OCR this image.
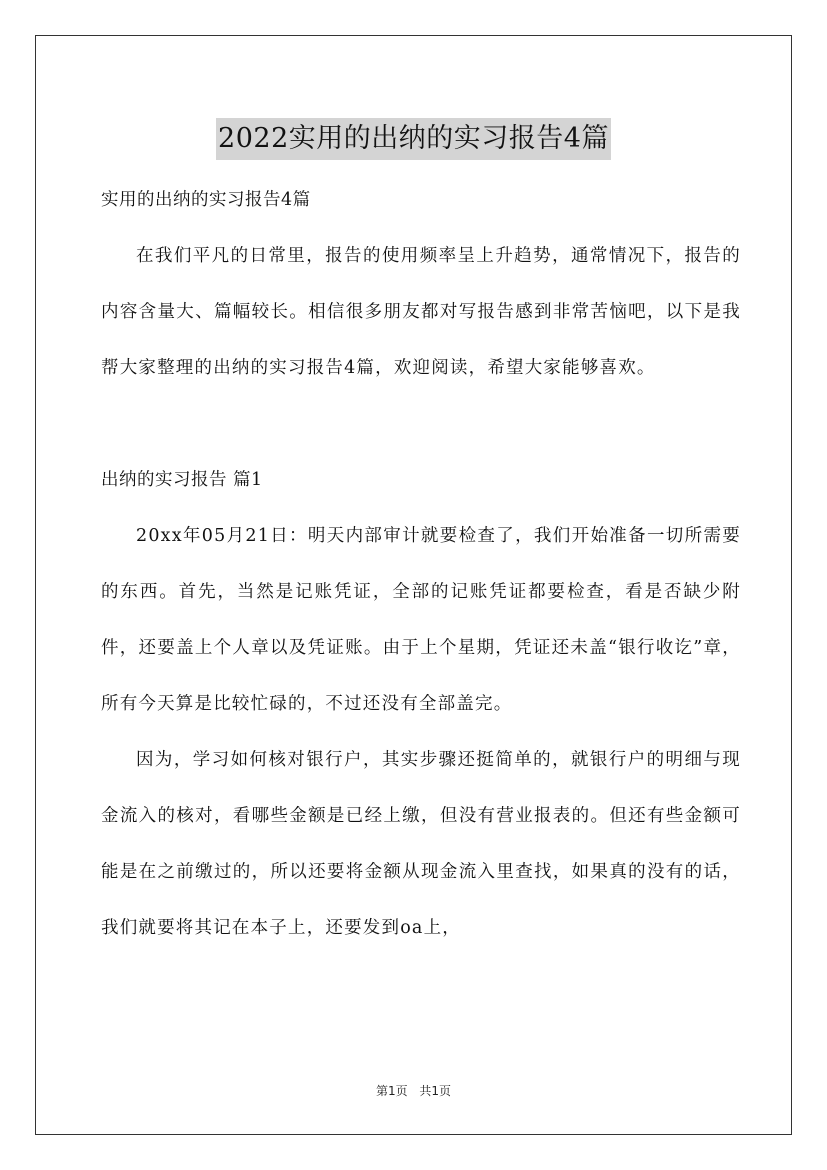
2022实用的出纳的实习报告4篇

实用的出纳的实习报告4篇

在我们平凡的日常里，报告的使用频率呈上升趋势，通常情况下，报告的内容含量大、篇幅较长。相信很多朋友都对写报告感到非常苦恼吧，以下是我帮大家整理的出纳的实习报告4篇，欢迎阅读，希望大家能够喜欢。

出纳的实习报告 篇1

20xx年05月21日：明天内部审计就要检查了，我们开始准备一切所需要的东西。首先，当然是记账凭证，全部的记账凭证都要检查，看是否缺少附件，还要盖上个人章以及凭证账。由于上个星期，凭证还未盖“银行收讫”章，所有今天算是比较忙碌的，不过还没有全部盖完。

因为，学习如何核对银行户，其实步骤还挺简单的，就银行户的明细与现金流入的核对，看哪些金额是已经上缴，但没有营业报表的。但还有些金额可能是在之前缴过的，所以还要将金额从现金流入里查找，如果真的没有的话，我们就要将其记在本子上，还要发到oa上，

第1页 共1页
